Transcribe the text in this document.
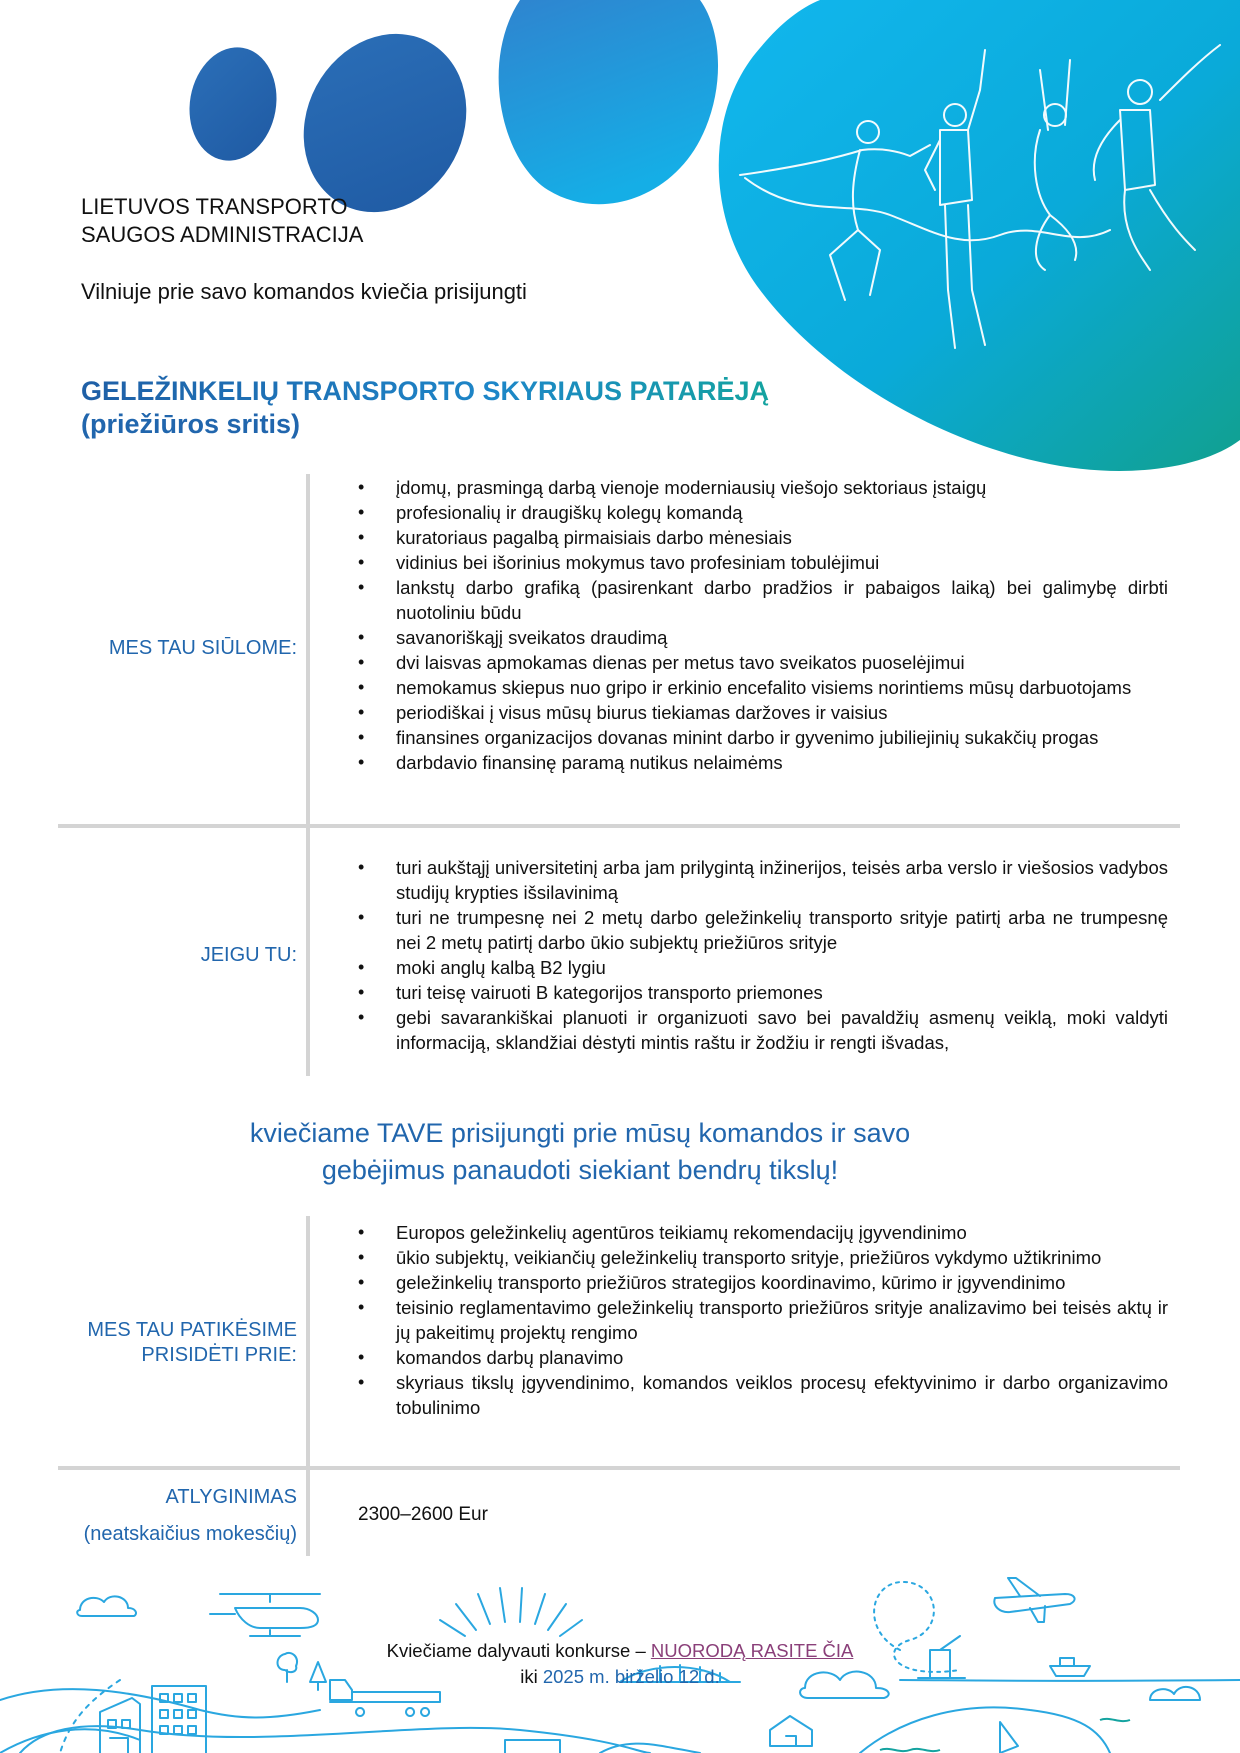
LIETUVOS TRANSPORTO
SAUGOS ADMINISTRACIJA
Vilniuje prie savo komandos kviečia prisijungti
GELEŽINKELIŲ TRANSPORTO SKYRIAUS PATARĖJĄ
(priežiūros sritis)
MES TAU SIŪLOME:
• įdomų, prasmingą darbą vienoje moderniausių viešojo sektoriaus įstaigų
• profesionalių ir draugiškų kolegų komandą
• kuratoriaus pagalbą pirmaisiais darbo mėnesiais
• vidinius bei išorinius mokymus tavo profesiniam tobulėjimui
• lankstų darbo grafiką (pasirenkant darbo pradžios ir pabaigos laiką) bei galimybę dirbti nuotoliniu būdu
• savanoriškąjį sveikatos draudimą
• dvi laisvas apmokamas dienas per metus tavo sveikatos puoselėjimui
• nemokamus skiepus nuo gripo ir erkinio encefalito visiems norintiems mūsų darbuotojams
• periodiškai į visus mūsų biurus tiekiamas daržoves ir vaisius
• finansines organizacijos dovanas minint darbo ir gyvenimo jubiliejinių sukakčių progas
• darbdavio finansinę paramą nutikus nelaimėms
JEIGU TU:
• turi aukštąjį universitetinį arba jam prilygintą inžinerijos, teisės arba verslo ir viešosios vadybos studijų krypties išsilavinimą
• turi ne trumpesnę nei 2 metų darbo geležinkelių transporto srityje patirtį arba ne trumpesnę nei 2 metų patirtį darbo ūkio subjektų priežiūros srityje
• moki anglų kalbą B2 lygiu
• turi teisę vairuoti B kategorijos transporto priemones
• gebi savarankiškai planuoti ir organizuoti savo bei pavaldžių asmenų veiklą, moki valdyti informaciją, sklandžiai dėstyti mintis raštu ir žodžiu ir rengti išvadas,
kviečiame TAVE prisijungti prie mūsų komandos ir savo
gebėjimus panaudoti siekiant bendrų tikslų!
MES TAU PATIKĖSIME
PRISIDĖTI PRIE:
• Europos geležinkelių agentūros teikiamų rekomendacijų įgyvendinimo
• ūkio subjektų, veikiančių geležinkelių transporto srityje, priežiūros vykdymo užtikrinimo
• geležinkelių transporto priežiūros strategijos koordinavimo, kūrimo ir įgyvendinimo
• teisinio reglamentavimo geležinkelių transporto priežiūros srityje analizavimo bei teisės aktų ir jų pakeitimų projektų rengimo
• komandos darbų planavimo
• skyriaus tikslų įgyvendinimo, komandos veiklos procesų efektyvinimo ir darbo organizavimo tobulinimo
ATLYGINIMAS
(neatskaičius mokesčių)
2300–2600 Eur
Kviečiame dalyvauti konkurse – NUORODĄ RASITE ČIA
iki 2025 m. birželio 12 d.
